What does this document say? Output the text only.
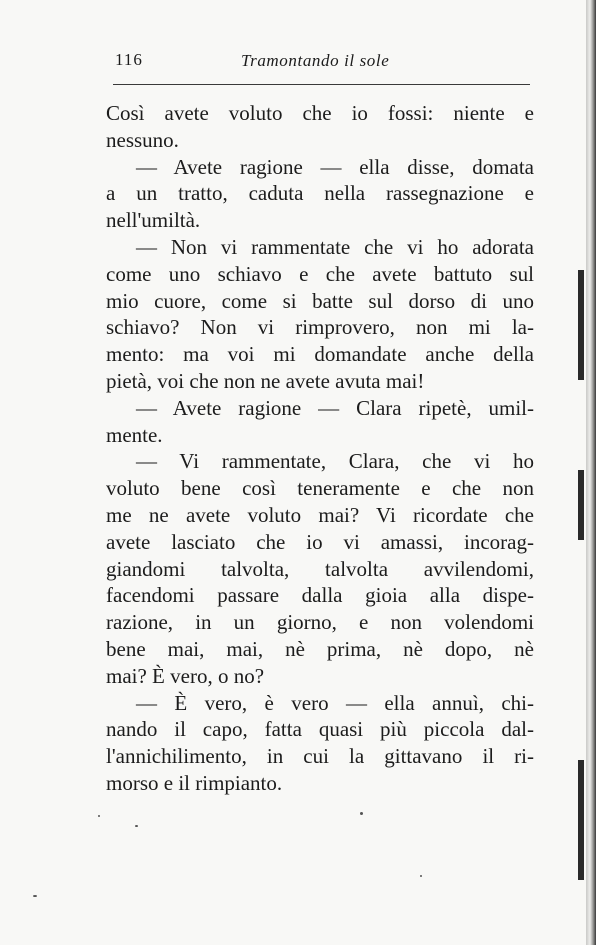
116	Tramontando il sole
Così avete voluto che io fossi: niente e
nessuno.
— Avete ragione — ella disse, domata
a un tratto, caduta nella rassegnazione e
nell'umiltà.
— Non vi rammentate che vi ho adorata
come uno schiavo e che avete battuto sul
mio cuore, come si batte sul dorso di uno
schiavo? Non vi rimprovero, non mi la-
mento: ma voi mi domandate anche della
pietà, voi che non ne avete avuta mai!
— Avete ragione — Clara ripetè, umil-
mente.
— Vi rammentate, Clara, che vi ho
voluto bene così teneramente e che non
me ne avete voluto mai? Vi ricordate che
avete lasciato che io vi amassi, incorag-
giandomi talvolta, talvolta avvilendomi,
facendomi passare dalla gioia alla dispe-
razione, in un giorno, e non volendomi
bene mai, mai, nè prima, nè dopo, nè
mai? È vero, o no?
— È vero, è vero — ella annuì, chi-
nando il capo, fatta quasi più piccola dal-
l'annichilimento, in cui la gittavano il ri-
morso e il rimpianto.
